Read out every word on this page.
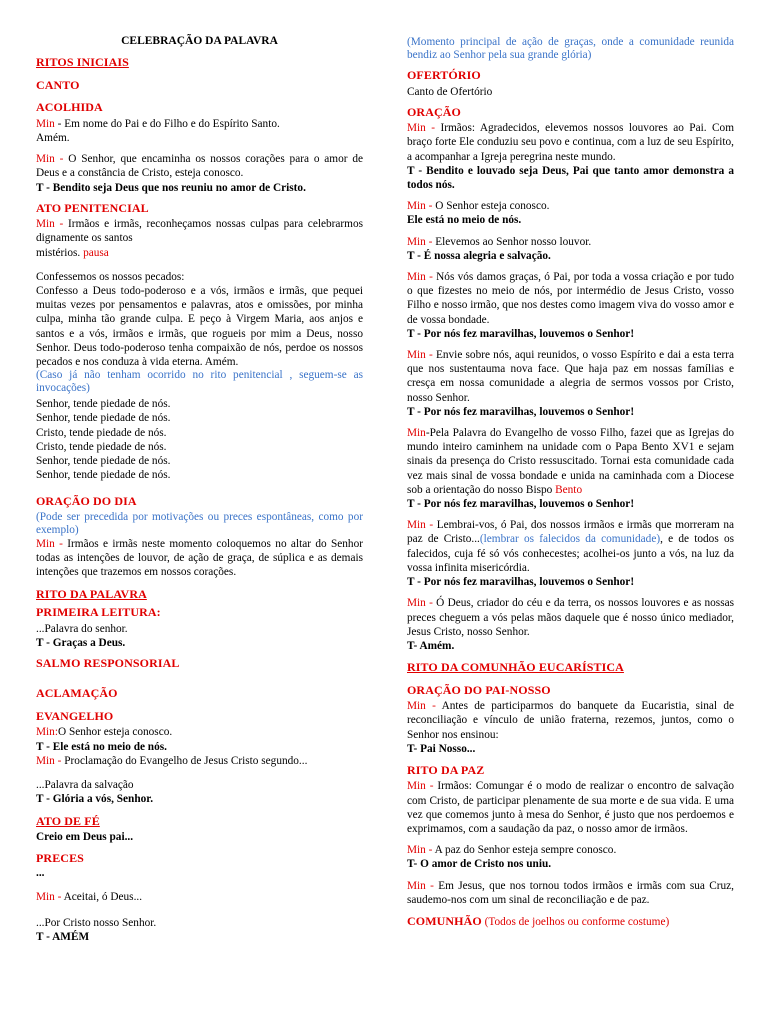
CELEBRAÇÃO DA PALAVRA
RITOS INICIAIS
CANTO
ACOLHIDA
Min - Em nome do Pai e do Filho e do Espírito Santo.
Amém.
Min - O Senhor, que encaminha os nossos corações para o amor de Deus e a constância de Cristo, esteja conosco.
T - Bendito seja Deus que nos reuniu no amor de Cristo.
ATO PENITENCIAL
Min - Irmãos e irmãs, reconheçamos nossas culpas para celebrarmos dignamente os santos
mistérios. pausa
Confessemos os nossos pecados:
Confesso a Deus todo-poderoso e a vós, irmãos e irmãs, que pequei muitas vezes por pensamentos e palavras, atos e omissões, por minha culpa, minha tão grande culpa. E peço à Virgem Maria, aos anjos e santos e a vós, irmãos e irmãs, que rogueis por mim a Deus, nosso Senhor. Deus todo-poderoso tenha compaixão de nós, perdoe os nossos pecados e nos conduza à vida eterna. Amém.
(Caso já não tenham ocorrido no rito penitencial , seguem-se as invocações)
Senhor, tende piedade de nós.
Senhor, tende piedade de nós.
Cristo, tende piedade de nós.
Cristo, tende piedade de nós.
Senhor, tende piedade de nós.
Senhor, tende piedade de nós.
ORAÇÃO DO DIA
(Pode ser precedida por motivações ou preces espontâneas, como por exemplo)
Min - Irmãos e irmãs neste momento coloquemos no altar do Senhor todas as intenções de louvor, de ação de graça, de súplica e as demais intenções que trazemos em nossos corações.
RITO DA PALAVRA
PRIMEIRA LEITURA:
...Palavra do senhor.
T - Graças a Deus.
SALMO RESPONSORIAL
ACLAMAÇÃO
EVANGELHO
Min:O Senhor esteja conosco.
T - Ele está no meio de nós.
Min - Proclamação do Evangelho de Jesus Cristo segundo...
...Palavra da salvação
T - Glória a vós, Senhor.
ATO DE FÉ
Creio em Deus pai...
PRECES
...
Min - Aceitai, ó Deus...
...Por Cristo nosso Senhor.
T - AMÉM
(Momento principal de ação de graças, onde a comunidade reunida bendiz ao Senhor pela sua grande glória)
OFERTÓRIO
Canto de Ofertório
ORAÇÃO
Min - Irmãos: Agradecidos, elevemos nossos louvores ao Pai. Com braço forte Ele conduziu seu povo e continua, com a luz de seu Espírito, a acompanhar a Igreja peregrina neste mundo.
T - Bendito e louvado seja Deus, Pai que tanto amor demonstra a todos nós.
Min - O Senhor esteja conosco.
Ele está no meio de nós.
Min - Elevemos ao Senhor nosso louvor.
T - É nossa alegria e salvação.
Min - Nós vós damos graças, ó Pai, por toda a vossa criação e por tudo o que fizestes no meio de nós, por intermédio de Jesus Cristo, vosso Filho e nosso irmão, que nos destes como imagem viva do vosso amor e de vossa bondade.
T - Por nós fez maravilhas, louvemos o Senhor!
Min - Envie sobre nós, aqui reunidos, o vosso Espírito e dai a esta terra que nos sustentauma nova face. Que haja paz em nossas famílias e cresça em nossa comunidade a alegria de sermos vossos por Cristo, nosso Senhor.
T - Por nós fez maravilhas, louvemos o Senhor!
Min-Pela Palavra do Evangelho de vosso Filho, fazei que as Igrejas do mundo inteiro caminhem na unidade com o Papa Bento XV1 e sejam sinais da presença do Cristo ressuscitado. Tornai esta comunidade cada vez mais sinal de vossa bondade e unida na caminhada com a Diocese sob a orientação do nosso Bispo Bento
T - Por nós fez maravilhas, louvemos o Senhor!
Min - Lembrai-vos, ó Pai, dos nossos irmãos e irmãs que morreram na paz de Cristo...(lembrar os falecidos da comunidade), e de todos os falecidos, cuja fé só vós conhecestes; acolhei-os junto a vós, na luz da vossa infinita misericórdia.
T - Por nós fez maravilhas, louvemos o Senhor!
Min - Ó Deus, criador do céu e da terra, os nossos louvores e as nossas preces cheguem a vós pelas mãos daquele que é nosso único mediador, Jesus Cristo, nosso Senhor.
T- Amém.
RITO DA COMUNHÃO EUCARÍSTICA
ORAÇÃO DO PAI-NOSSO
Min - Antes de participarmos do banquete da Eucaristia, sinal de reconciliação e vínculo de união fraterna, rezemos, juntos, como o Senhor nos ensinou:
T- Pai Nosso...
RITO DA PAZ
Min - Irmãos: Comungar é o modo de realizar o encontro de salvação com Cristo, de participar plenamente de sua morte e de sua vida. E uma vez que comemos junto à mesa do Senhor, é justo que nos perdoemos e exprimamos, com a saudação da paz, o nosso amor de irmãos.
Min - A paz do Senhor esteja sempre conosco.
T- O amor de Cristo nos uniu.
Min - Em Jesus, que nos tornou todos irmãos e irmãs com sua Cruz, saudemo-nos com um sinal de reconciliação e de paz.
COMUNHÃO (Todos de joelhos ou conforme costume)
